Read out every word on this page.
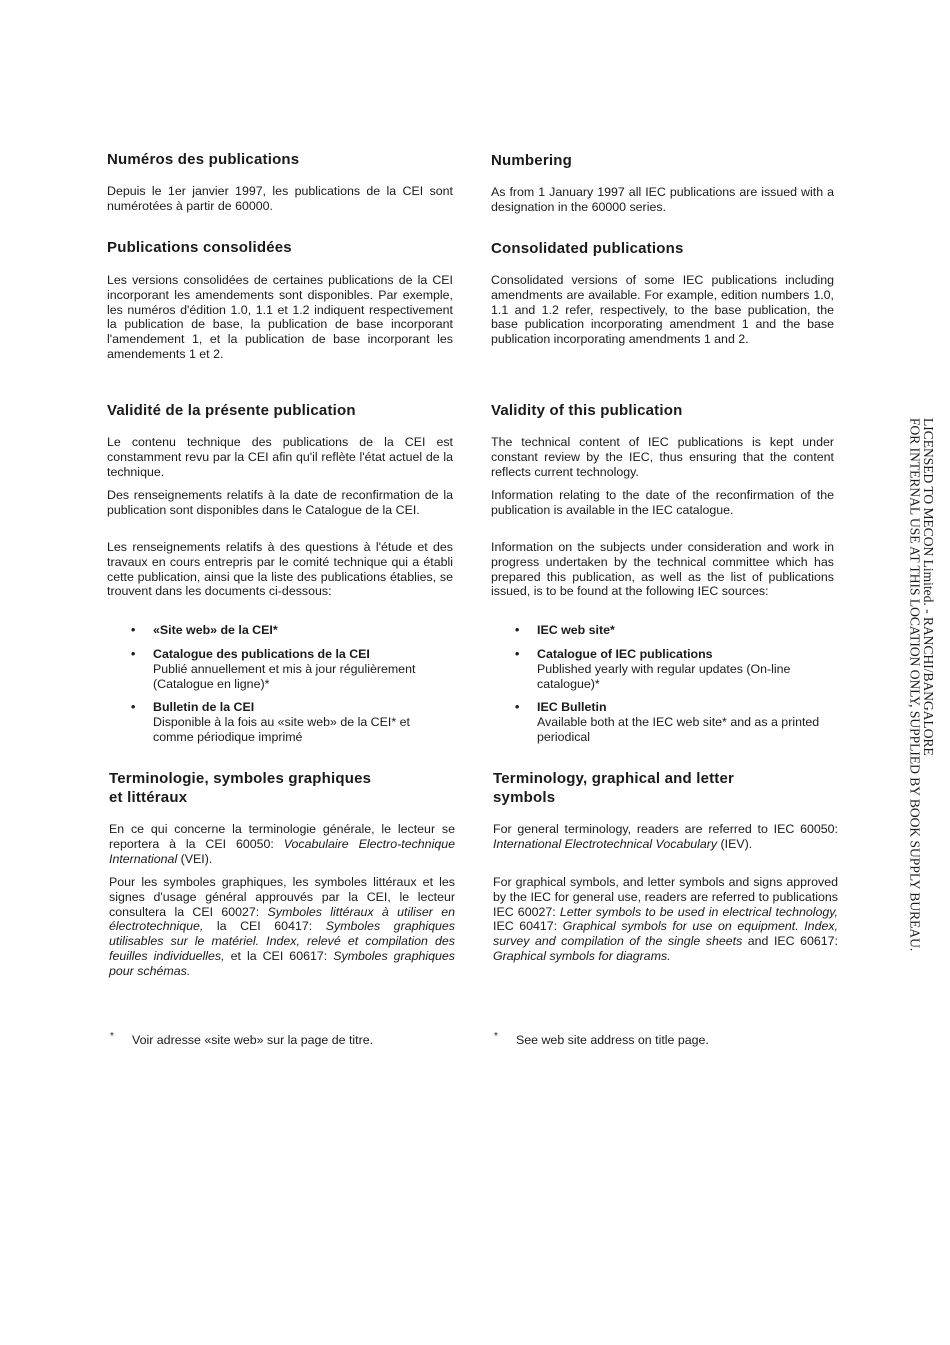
Numéros des publications

Depuis le 1er janvier 1997, les publications de la CEI sont numérotées à partir de 60000.

Publications consolidées

Les versions consolidées de certaines publications de la CEI incorporant les amendements sont disponibles. Par exemple, les numéros d'édition 1.0, 1.1 et 1.2 indiquent respectivement la publication de base, la publication de base incorporant l'amendement 1, et la publication de base incorporant les amendements 1 et 2.

Validité de la présente publication

Le contenu technique des publications de la CEI est constamment revu par la CEI afin qu'il reflète l'état actuel de la technique.

Des renseignements relatifs à la date de reconfirmation de la publication sont disponibles dans le Catalogue de la CEI.

Les renseignements relatifs à des questions à l'étude et des travaux en cours entrepris par le comité technique qui a établi cette publication, ainsi que la liste des publications établies, se trouvent dans les documents ci-dessous:

• «Site web» de la CEI*
• Catalogue des publications de la CEI
Publié annuellement et mis à jour régulièrement (Catalogue en ligne)*
• Bulletin de la CEI
Disponible à la fois au «site web» de la CEI* et comme périodique imprimé
Terminologie, symboles graphiques
et littéraux

En ce qui concerne la terminologie générale, le lecteur se reportera à la CEI 60050: Vocabulaire Electro-technique International (VEI).

Pour les symboles graphiques, les symboles littéraux et les signes d'usage général approuvés par la CEI, le lecteur consultera la CEI 60027: Symboles littéraux à utiliser en électrotechnique, la CEI 60417: Symboles graphiques utilisables sur le matériel. Index, relevé et compilation des feuilles individuelles, et la CEI 60617: Symboles graphiques pour schémas.

* Voir adresse «site web» sur la page de titre.
Numbering

As from 1 January 1997 all IEC publications are issued with a designation in the 60000 series.

Consolidated publications

Consolidated versions of some IEC publications including amendments are available. For example, edition numbers 1.0, 1.1 and 1.2 refer, respectively, to the base publication, the base publication incorporating amendment 1 and the base publication incorporating amendments 1 and 2.

Validity of this publication

The technical content of IEC publications is kept under constant review by the IEC, thus ensuring that the content reflects current technology.

Information relating to the date of the reconfirmation of the publication is available in the IEC catalogue.

Information on the subjects under consideration and work in progress undertaken by the technical committee which has prepared this publication, as well as the list of publications issued, is to be found at the following IEC sources:

• IEC web site*
• Catalogue of IEC publications
Published yearly with regular updates (On-line catalogue)*
• IEC Bulletin
Available both at the IEC web site* and as a printed periodical
Terminology, graphical and letter
symbols

For general terminology, readers are referred to IEC 60050: International Electrotechnical Vocabulary (IEV).

For graphical symbols, and letter symbols and signs approved by the IEC for general use, readers are referred to publications IEC 60027: Letter symbols to be used in electrical technology, IEC 60417: Graphical symbols for use on equipment. Index, survey and compilation of the single sheets and IEC 60617: Graphical symbols for diagrams.

* See web site address on title page.
LICENSED TO MECON Limited. - RANCHI/BANGALORE
FOR INTERNAL USE AT THIS LOCATION ONLY, SUPPLIED BY BOOK SUPPLY BUREAU.
